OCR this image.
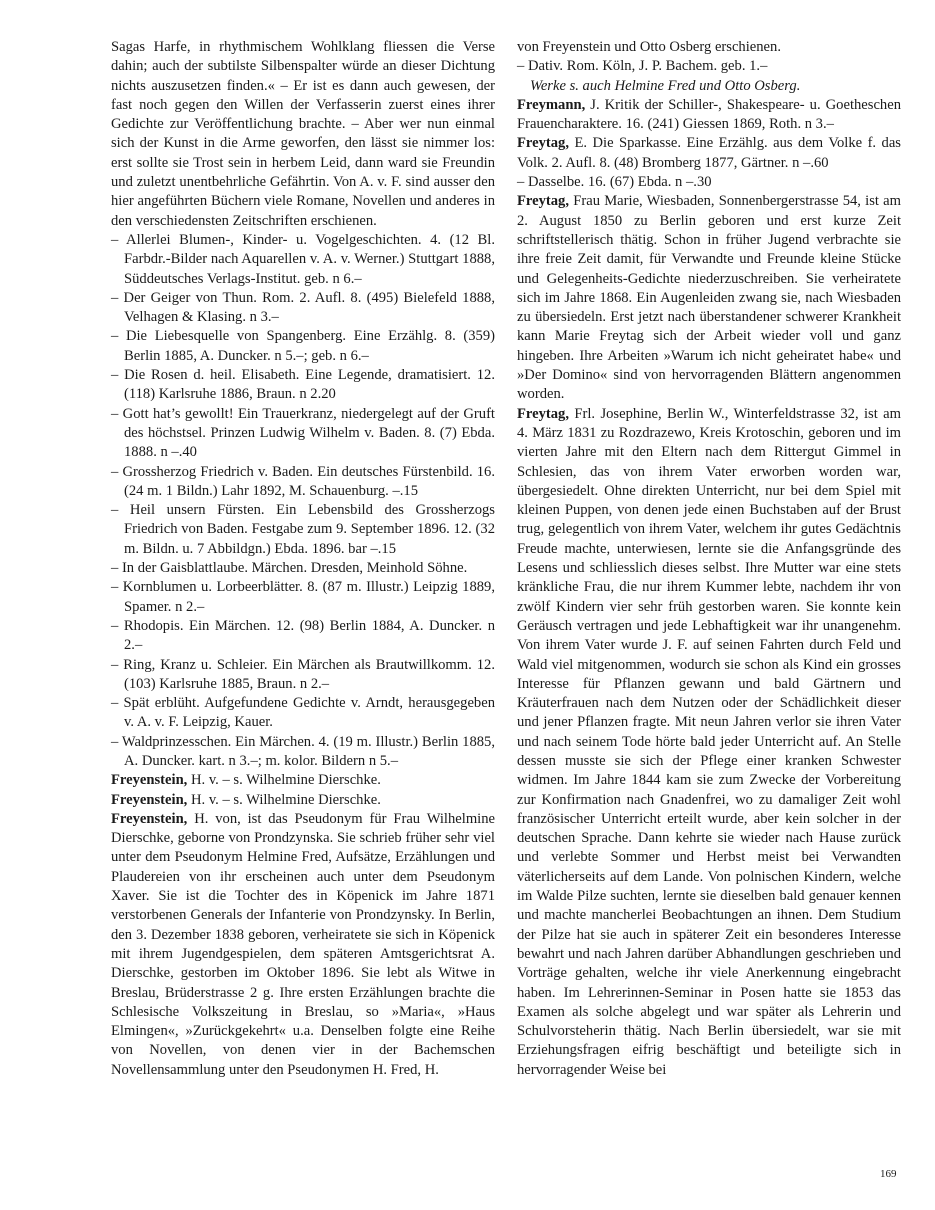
Sagas Harfe, in rhythmischem Wohlklang fliessen die Verse dahin; auch der subtilste Silbenspalter würde an dieser Dichtung nichts auszusetzen finden.« – Er ist es dann auch gewesen, der fast noch gegen den Willen der Verfasserin zuerst eines ihrer Gedichte zur Veröffentlichung brachte. – Aber wer nun einmal sich der Kunst in die Arme geworfen, den lässt sie nimmer los: erst sollte sie Trost sein in herbem Leid, dann ward sie Freundin und zuletzt unentbehrliche Gefährtin. Von A. v. F. sind ausser den hier angeführten Büchern viele Romane, Novellen und anderes in den verschiedensten Zeitschriften erschienen.

– Allerlei Blumen-, Kinder- u. Vogelgeschichten. 4. (12 Bl. Farbdr.-Bilder nach Aquarellen v. A. v. Werner.) Stuttgart 1888, Süddeutsches Verlags-Institut. geb. n 6.–

– Der Geiger von Thun. Rom. 2. Aufl. 8. (495) Bielefeld 1888, Velhagen & Klasing. n 3.–

– Die Liebesquelle von Spangenberg. Eine Erzählg. 8. (359) Berlin 1885, A. Duncker. n 5.–; geb. n 6.–

– Die Rosen d. heil. Elisabeth. Eine Legende, dramatisiert. 12. (118) Karlsruhe 1886, Braun. n 2.20

– Gott hat’s gewollt! Ein Trauerkranz, niedergelegt auf der Gruft des höchstsel. Prinzen Ludwig Wilhelm v. Baden. 8. (7) Ebda. 1888. n –.40

– Grossherzog Friedrich v. Baden. Ein deutsches Fürstenbild. 16. (24 m. 1 Bildn.) Lahr 1892, M. Schauenburg. –.15

– Heil unsern Fürsten. Ein Lebensbild des Grossherzogs Friedrich von Baden. Festgabe zum 9. September 1896. 12. (32 m. Bildn. u. 7 Abbildgn.) Ebda. 1896. bar –.15

– In der Gaisblattlaube. Märchen. Dresden, Meinhold Söhne.

– Kornblumen u. Lorbeerblätter. 8. (87 m. Illustr.) Leipzig 1889, Spamer. n 2.–

– Rhodopis. Ein Märchen. 12. (98) Berlin 1884, A. Duncker. n 2.–

– Ring, Kranz u. Schleier. Ein Märchen als Brautwillkomm. 12. (103) Karlsruhe 1885, Braun. n 2.–

– Spät erblüht. Aufgefundene Gedichte v. Arndt, herausgegeben v. A. v. F. Leipzig, Kauer.

– Waldprinzesschen. Ein Märchen. 4. (19 m. Illustr.) Berlin 1885, A. Duncker. kart. n 3.–; m. kolor. Bildern n 5.–

Freyenstein, H. v. – s. Wilhelmine Dierschke.

Freyenstein, H. v. – s. Wilhelmine Dierschke.

Freyenstein, H. von, ist das Pseudonym für Frau Wilhelmine Dierschke, geborne von Prondzynska. Sie schrieb früher sehr viel unter dem Pseudonym Helmine Fred, Aufsätze, Erzählungen und Plaudereien von ihr erscheinen auch unter dem Pseudonym Xaver. Sie ist die Tochter des in Köpenick im Jahre 1871 verstorbenen Generals der Infanterie von Prondzynsky. In Berlin, den 3. Dezember 1838 geboren, verheiratete sie sich in Köpenick mit ihrem Jugendgespielen, dem späteren Amtsgerichtsrat A. Dierschke, gestorben im Oktober 1896. Sie lebt als Witwe in Breslau, Brüderstrasse 2 g. Ihre ersten Erzählungen brachte die Schlesische Volkszeitung in Breslau, so »Maria«, »Haus Elmingen«, »Zurückgekehrt« u.a. Denselben folgte eine Reihe von Novellen, von denen vier in der Bachemschen Novellensammlung unter den Pseudonymen H. Fred, H.

von Freyenstein und Otto Osberg erschienen.

– Dativ. Rom. Köln, J. P. Bachem. geb. 1.–

Werke s. auch Helmine Fred und Otto Osberg.

Freymann, J. Kritik der Schiller-, Shakespeare- u. Goetheschen Frauencharaktere. 16. (241) Giessen 1869, Roth. n 3.–

Freytag, E. Die Sparkasse. Eine Erzählg. aus dem Volke f. das Volk. 2. Aufl. 8. (48) Bromberg 1877, Gärtner. n –.60

– Dasselbe. 16. (67) Ebda. n –.30

Freytag, Frau Marie, Wiesbaden, Sonnenbergerstrasse 54, ist am 2. August 1850 zu Berlin geboren und erst kurze Zeit schriftstellerisch thätig. Schon in früher Jugend verbrachte sie ihre freie Zeit damit, für Verwandte und Freunde kleine Stücke und Gelegenheits-Gedichte niederzuschreiben. Sie verheiratete sich im Jahre 1868. Ein Augenleiden zwang sie, nach Wiesbaden zu übersiedeln. Erst jetzt nach überstandener schwerer Krankheit kann Marie Freytag sich der Arbeit wieder voll und ganz hingeben. Ihre Arbeiten »Warum ich nicht geheiratet habe« und »Der Domino« sind von hervorragenden Blättern angenommen worden.

Freytag, Frl. Josephine, Berlin W., Winterfeldstrasse 32, ist am 4. März 1831 zu Rozdrazewo, Kreis Krotoschin, geboren und im vierten Jahre mit den Eltern nach dem Rittergut Gimmel in Schlesien, das von ihrem Vater erworben worden war, übergesiedelt. Ohne direkten Unterricht, nur bei dem Spiel mit kleinen Puppen, von denen jede einen Buchstaben auf der Brust trug, gelegentlich von ihrem Vater, welchem ihr gutes Gedächtnis Freude machte, unterwiesen, lernte sie die Anfangsgründe des Lesens und schliesslich dieses selbst. Ihre Mutter war eine stets kränkliche Frau, die nur ihrem Kummer lebte, nachdem ihr von zwölf Kindern vier sehr früh gestorben waren. Sie konnte kein Geräusch vertragen und jede Lebhaftigkeit war ihr unangenehm. Von ihrem Vater wurde J. F. auf seinen Fahrten durch Feld und Wald viel mitgenommen, wodurch sie schon als Kind ein grosses Interesse für Pflanzen gewann und bald Gärtnern und Kräuterfrauen nach dem Nutzen oder der Schädlichkeit dieser und jener Pflanzen fragte. Mit neun Jahren verlor sie ihren Vater und nach seinem Tode hörte bald jeder Unterricht auf. An Stelle dessen musste sie sich der Pflege einer kranken Schwester widmen. Im Jahre 1844 kam sie zum Zwecke der Vorbereitung zur Konfirmation nach Gnadenfrei, wo zu damaliger Zeit wohl französischer Unterricht erteilt wurde, aber kein solcher in der deutschen Sprache. Dann kehrte sie wieder nach Hause zurück und verlebte Sommer und Herbst meist bei Verwandten väterlicherseits auf dem Lande. Von polnischen Kindern, welche im Walde Pilze suchten, lernte sie dieselben bald genauer kennen und machte mancherlei Beobachtungen an ihnen. Dem Studium der Pilze hat sie auch in späterer Zeit ein besonderes Interesse bewahrt und nach Jahren darüber Abhandlungen geschrieben und Vorträge gehalten, welche ihr viele Anerkennung eingebracht haben. Im Lehrerinnen-Seminar in Posen hatte sie 1853 das Examen als solche abgelegt und war später als Lehrerin und Schulvorsteherin thätig. Nach Berlin übersiedelt, war sie mit Erziehungsfragen eifrig beschäftigt und beteiligte sich in hervorragender Weise bei

169
